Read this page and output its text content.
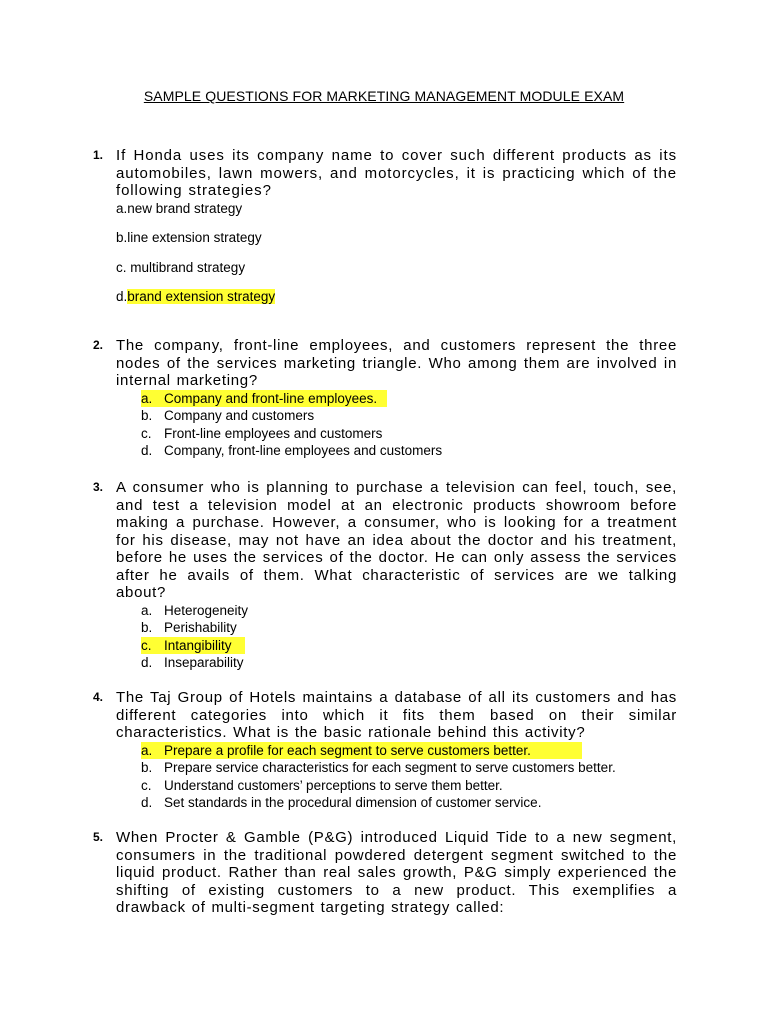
SAMPLE QUESTIONS FOR MARKETING MANAGEMENT MODULE EXAM
1. If Honda uses its company name to cover such different products as its automobiles, lawn mowers, and motorcycles, it is practicing which of the following strategies?
a.new brand strategy
b.line extension strategy
c. multibrand strategy
d.brand extension strategy
2. The company, front-line employees, and customers represent the three nodes of the services marketing triangle. Who among them are involved in internal marketing?
a. Company and front-line employees.
b. Company and customers
c. Front-line employees and customers
d. Company, front-line employees and customers
3. A consumer who is planning to purchase a television can feel, touch, see, and test a television model at an electronic products showroom before making a purchase. However, a consumer, who is looking for a treatment for his disease, may not have an idea about the doctor and his treatment, before he uses the services of the doctor. He can only assess the services after he avails of them. What characteristic of services are we talking about?
a. Heterogeneity
b. Perishability
c. Intangibility
d. Inseparability
4. The Taj Group of Hotels maintains a database of all its customers and has different categories into which it fits them based on their similar characteristics. What is the basic rationale behind this activity?
a. Prepare a profile for each segment to serve customers better.
b. Prepare service characteristics for each segment to serve customers better.
c. Understand customers’ perceptions to serve them better.
d. Set standards in the procedural dimension of customer service.
5. When Procter & Gamble (P&G) introduced Liquid Tide to a new segment, consumers in the traditional powdered detergent segment switched to the liquid product. Rather than real sales growth, P&G simply experienced the shifting of existing customers to a new product. This exemplifies a drawback of multi-segment targeting strategy called:
